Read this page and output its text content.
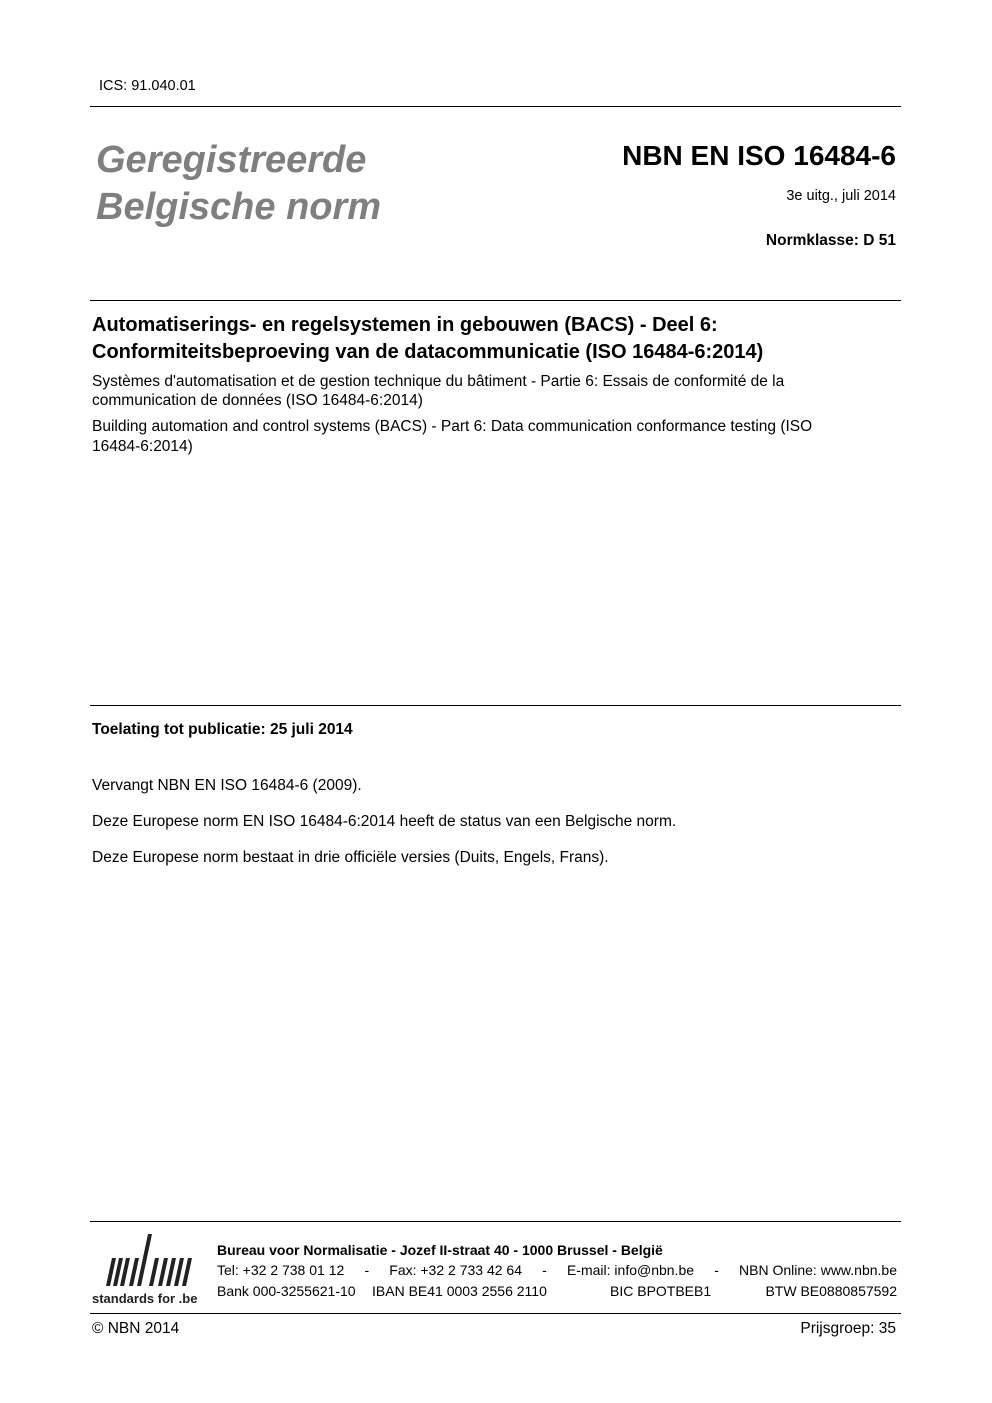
ICS: 91.040.01
Geregistreerde
Belgische norm
NBN EN ISO 16484-6
3e uitg., juli 2014
Normklasse: D 51
Automatiserings- en regelsystemen in gebouwen (BACS) - Deel 6:
Conformiteitsbeproeving van de datacommunicatie (ISO 16484-6:2014)
Systèmes d'automatisation et de gestion technique du bâtiment - Partie 6: Essais de conformité de la
communication de données (ISO 16484-6:2014)
Building automation and control systems (BACS) - Part 6: Data communication conformance testing (ISO
16484-6:2014)
Toelating tot publicatie: 25 juli 2014
Vervangt NBN EN ISO 16484-6 (2009).
Deze Europese norm EN ISO 16484-6:2014 heeft de status van een Belgische norm.
Deze Europese norm bestaat in drie officiële versies (Duits, Engels, Frans).
standards for .be
Bureau voor Normalisatie - Jozef II-straat 40 - 1000 Brussel - België
Tel: +32 2 738 01 12 - Fax: +32 2 733 42 64 - E-mail: info@nbn.be - NBN Online: www.nbn.be
Bank 000-3255621-10 IBAN BE41 0003 2556 2110	BIC BPOTBEB1	BTW BE0880857592
© NBN 2014	Prijsgroep: 35
